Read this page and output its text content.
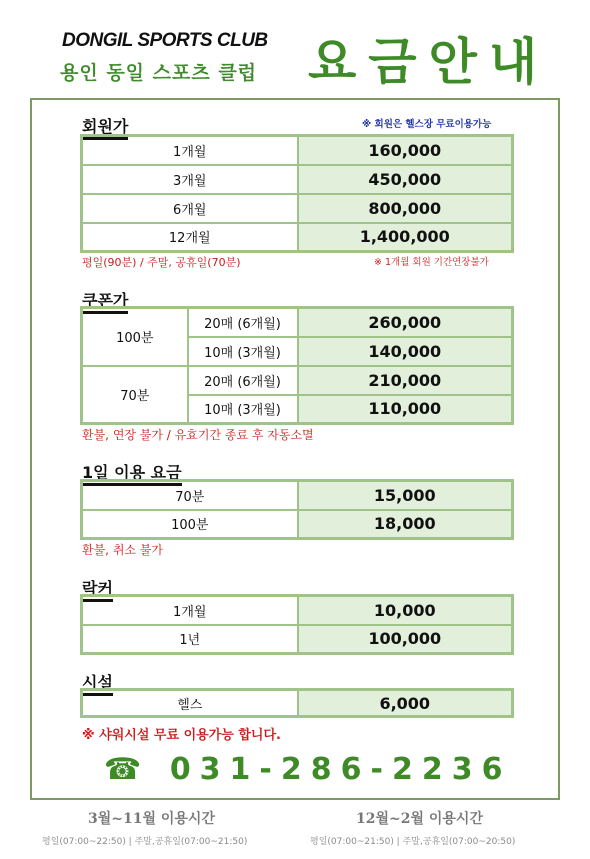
DONGIL SPORTS CLUB
용인 동일 스포츠 클럽 요금안내
회원가	※ 회원은 헬스장 무료이용가능
1개월	160,000
3개월	450,000
6개월	800,000
12개월	1,400,000
평일(90분) / 주말, 공휴일(70분)	※ 1개월 회원 기간연장불가
쿠폰가
100분	20매 (6개월)	260,000
	10매 (3개월)	140,000
70분	20매 (6개월)	210,000
	10매 (3개월)	110,000
환불, 연장 불가 / 유효기간 종료 후 자동소멸
1일 이용 요금
70분	15,000
100분	18,000
환불, 취소 불가
락커
1개월	10,000
1년	100,000
시설
헬스	6,000
※ 샤워시설 무료 이용가능 합니다.
☎ 031-286-2236
3월~11월 이용시간
평일(07:00~22:50) | 주말,공휴일(07:00~21:50)
12월~2월 이용시간
평일(07:00~21:50) | 주말,공휴일(07:00~20:50)
